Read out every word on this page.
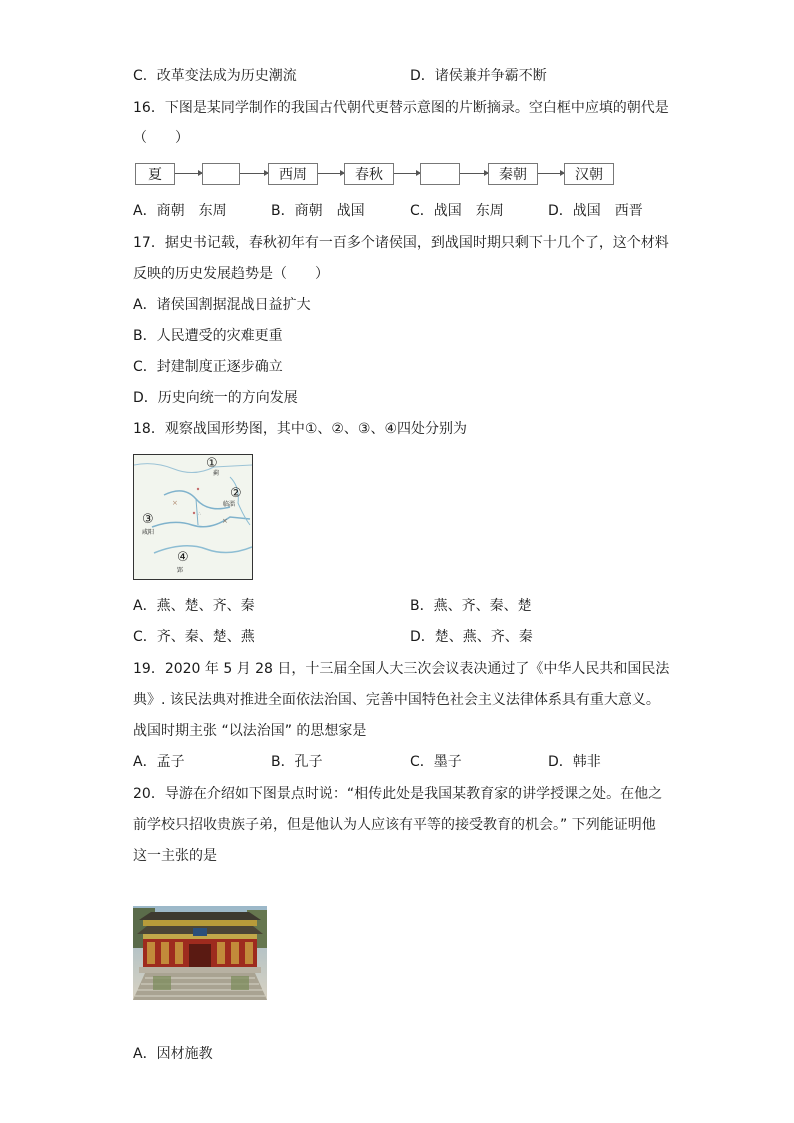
C．改革变法成为历史潮流	D．诸侯兼并争霸不断
16．下图是某同学制作的我国古代朝代更替示意图的片断摘录。空白框中应填的朝代是
（　　）
夏	西周	春秋	秦朝	汉朝
A．商朝　东周	B．商朝　战国	C．战国　东周	D．战国　西晋
17．据史书记载，春秋初年有一百多个诸侯国，到战国时期只剩下十几个了，这个材料
反映的历史发展趋势是（　　）
A．诸侯国割据混战日益扩大
B．人民遭受的灾难更重
C．封建制度正逐步确立
D．历史向统一的方向发展
18．观察战国形势图，其中①、②、③、④四处分别为
×
×
∴
①
蓟
②
临淄
③
咸阳
④
郢
A．燕、楚、齐、秦	B．燕、齐、秦、楚
C．齐、秦、楚、燕	D．楚、燕、齐、秦
19．2020 年 5 月 28 日，十三届全国人大三次会议表决通过了《中华人民共和国民法
典》. 该民法典对推进全面依法治国、完善中国特色社会主义法律体系具有重大意义。
战国时期主张 “以法治国” 的思想家是
A．孟子	B．孔子	C．墨子	D．韩非
20．导游在介绍如下图景点时说：“相传此处是我国某教育家的讲学授课之处。在他之
前学校只招收贵族子弟，但是他认为人应该有平等的接受教育的机会。” 下列能证明他
这一主张的是
A．因材施教
